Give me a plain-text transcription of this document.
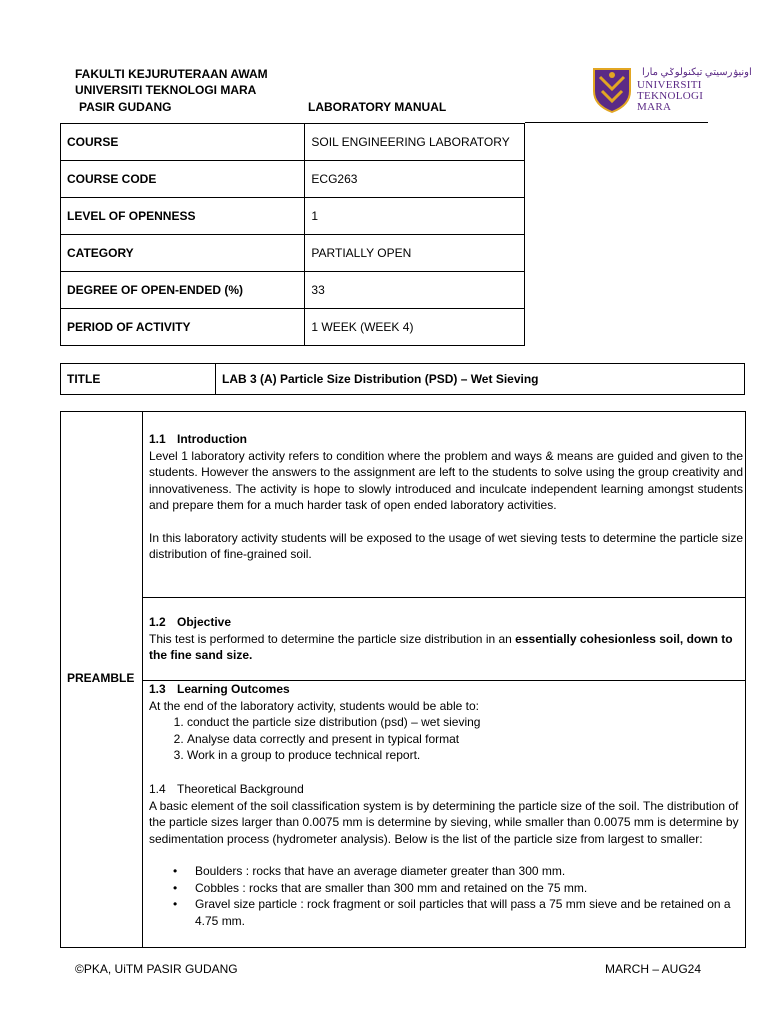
FAKULTI KEJURUTERAAN AWAM
UNIVERSITI TEKNOLOGI MARA
PASIR GUDANG	LABORATORY MANUAL
اونيۏرسيتي تيکنولوݢي مارا
UNIVERSITI
TEKNOLOGI
MARA
COURSE	SOIL ENGINEERING LABORATORY
COURSE CODE	ECG263
LEVEL OF OPENNESS	1
CATEGORY	PARTIALLY OPEN
DEGREE OF OPEN-ENDED (%)	33
PERIOD OF ACTIVITY	1 WEEK (WEEK 4)
TITLE	LAB 3 (A) Particle Size Distribution (PSD) – Wet Sieving
PREAMBLE

1.1 Introduction

Level 1 laboratory activity refers to condition where the problem and ways & means are guided and given to the students. However the answers to the assignment are left to the students to solve using the group creativity and innovativeness. The activity is hope to slowly introduced and inculcate independent learning amongst students and prepare them for a much harder task of open ended laboratory activities.

In this laboratory activity students will be exposed to the usage of wet sieving tests to determine the particle size distribution of fine-grained soil.

1.2 Objective

This test is performed to determine the particle size distribution in an essentially cohesionless soil, down to the fine sand size.

1.3 Learning Outcomes

At the end of the laboratory activity, students would be able to:

1. conduct the particle size distribution (psd) – wet sieving
2. Analyse data correctly and present in typical format
3. Work in a group to produce technical report.

1.4 Theoretical Background

A basic element of the soil classification system is by determining the particle size of the soil. The distribution of the particle sizes larger than 0.0075 mm is determine by sieving, while smaller than 0.0075 mm is determine by sedimentation process (hydrometer analysis). Below is the list of the particle size from largest to smaller:

• Boulders : rocks that have an average diameter greater than 300 mm.
• Cobbles : rocks that are smaller than 300 mm and retained on the 75 mm.
• Gravel size particle : rock fragment or soil particles that will pass a 75 mm sieve and be retained on a 4.75 mm.
©PKA, UiTM PASIR GUDANG	MARCH – AUG24
